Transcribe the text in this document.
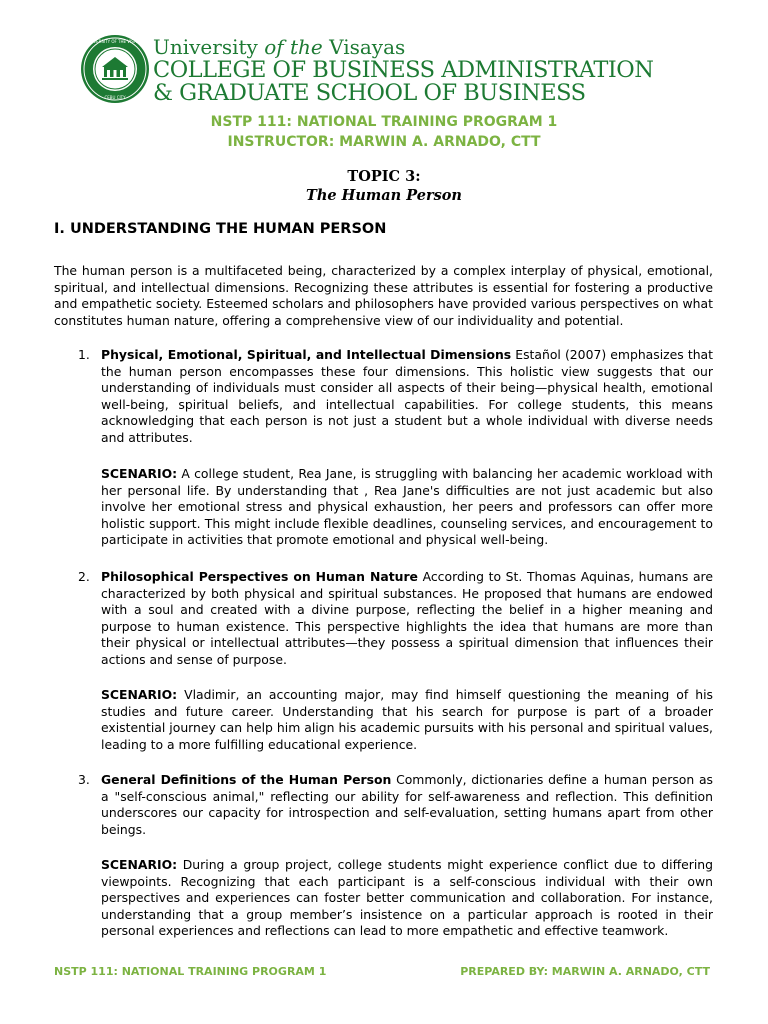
UNIVERSITY OF THE VISAYAS
CEBU CITY
University of the Visayas
COLLEGE OF BUSINESS ADMINISTRATION
& GRADUATE SCHOOL OF BUSINESS
NSTP 111: NATIONAL TRAINING PROGRAM 1
INSTRUCTOR: MARWIN A. ARNADO, CTT
TOPIC 3:
The Human Person
I. UNDERSTANDING THE HUMAN PERSON
The human person is a multifaceted being, characterized by a complex interplay of physical, emotional, spiritual, and intellectual dimensions. Recognizing these attributes is essential for fostering a productive and empathetic society. Esteemed scholars and philosophers have provided various perspectives on what constitutes human nature, offering a comprehensive view of our individuality and potential.
1. Physical, Emotional, Spiritual, and Intellectual Dimensions Estañol (2007) emphasizes that the human person encompasses these four dimensions. This holistic view suggests that our understanding of individuals must consider all aspects of their being—physical health, emotional well-being, spiritual beliefs, and intellectual capabilities. For college students, this means acknowledging that each person is not just a student but a whole individual with diverse needs and attributes.
SCENARIO: A college student, Rea Jane, is struggling with balancing her academic workload with her personal life. By understanding that , Rea Jane's difficulties are not just academic but also involve her emotional stress and physical exhaustion, her peers and professors can offer more holistic support. This might include flexible deadlines, counseling services, and encouragement to participate in activities that promote emotional and physical well-being.
2. Philosophical Perspectives on Human Nature According to St. Thomas Aquinas, humans are characterized by both physical and spiritual substances. He proposed that humans are endowed with a soul and created with a divine purpose, reflecting the belief in a higher meaning and purpose to human existence. This perspective highlights the idea that humans are more than their physical or intellectual attributes—they possess a spiritual dimension that influences their actions and sense of purpose.
SCENARIO: Vladimir, an accounting major, may find himself questioning the meaning of his studies and future career. Understanding that his search for purpose is part of a broader existential journey can help him align his academic pursuits with his personal and spiritual values, leading to a more fulfilling educational experience.
3. General Definitions of the Human Person Commonly, dictionaries define a human person as a "self-conscious animal," reflecting our ability for self-awareness and reflection. This definition underscores our capacity for introspection and self-evaluation, setting humans apart from other beings.
SCENARIO: During a group project, college students might experience conflict due to differing viewpoints. Recognizing that each participant is a self-conscious individual with their own perspectives and experiences can foster better communication and collaboration. For instance, understanding that a group member’s insistence on a particular approach is rooted in their personal experiences and reflections can lead to more empathetic and effective teamwork.
NSTP 111: NATIONAL TRAINING PROGRAM 1	PREPARED BY: MARWIN A. ARNADO, CTT
